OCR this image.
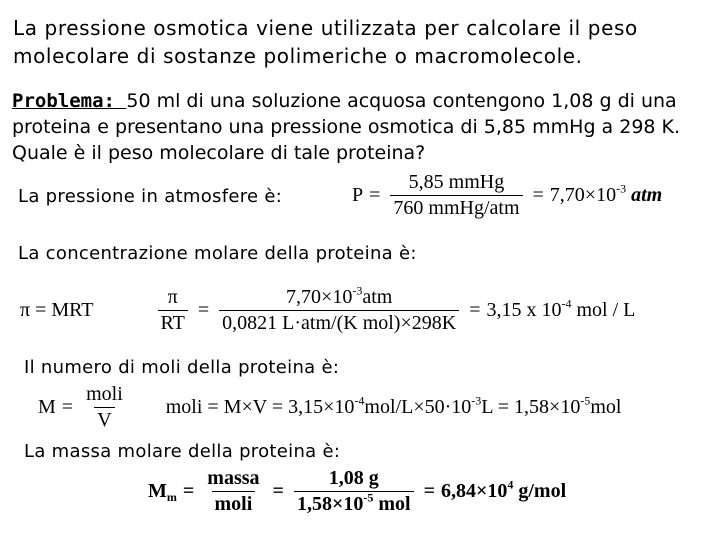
La pressione osmotica viene utilizzata per calcolare il peso
molecolare di sostanze polimeriche o macromolecole.
Problema: 50 ml di una soluzione acquosa contengono 1,08 g di una
proteina e presentano una pressione osmotica di 5,85 mmHg a 298 K.
Quale è il peso molecolare di tale proteina?
La pressione in atmosfere è:	$P = \frac{\text{5,85 mmHg}}{\text{760 mmHg/atm}} = 7,70\times 10^{-3}$ atm
La concentrazione molare della proteina è:
π = MRT	$\frac{\pi}{RT} = \frac{7,70\times 10^{-3}atm}{\text{0,0821 L·atm/(K mol)×298K}} = 3,15$ x $10^{-4}$ mol / L
Il numero di moli della proteina è:
$M = \frac{\text{moli}}{V}$ moli = $M\times V = 3,15\times 10^{-4}mol/L\times 50\cdot 10^{-3}L = 1,58\times 10^{-5}mol$
La massa molare della proteina è:
$M_m = \frac{\text{massa}}{\text{moli}} = \frac{1,08 g}{1,58\times 10^{-5} mol} = 6,84\times 10^4$ g/mol
